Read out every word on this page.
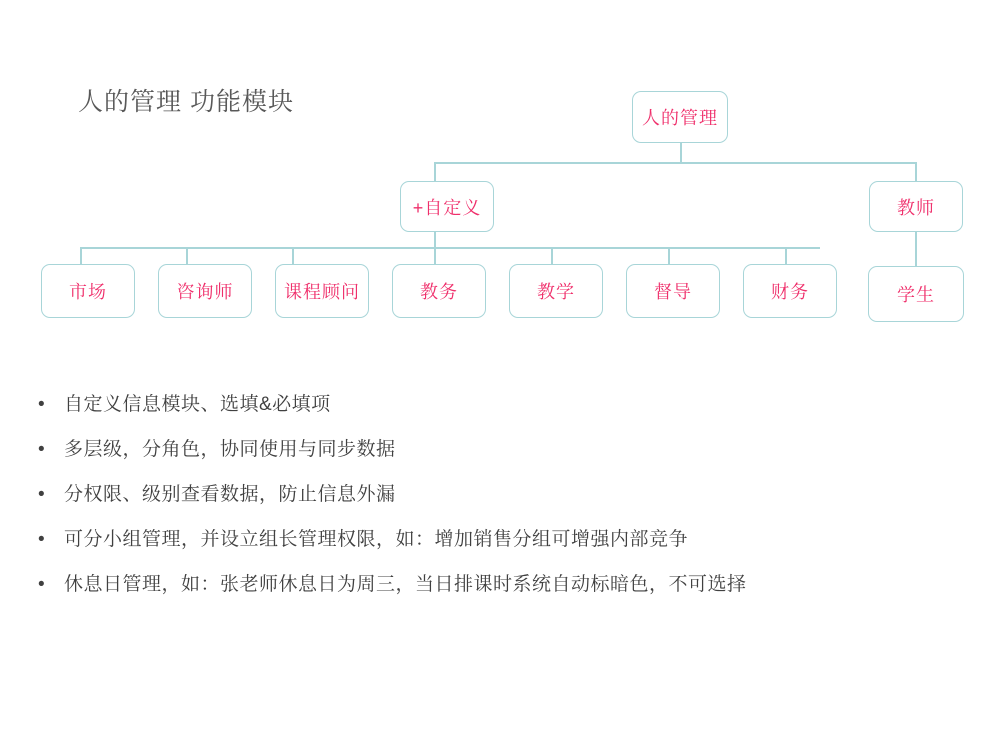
人的管理 功能模块
人的管理
+自定义	教师
市场	咨询师	课程顾问	教务	教学	督导	财务	学生
•	自定义信息模块、选填&必填项
•	多层级，分角色，协同使用与同步数据
•	分权限、级别查看数据，防止信息外漏
•	可分小组管理，并设立组长管理权限，如：增加销售分组可增强内部竞争
•	休息日管理，如：张老师休息日为周三，当日排课时系统自动标暗色，不可选择
